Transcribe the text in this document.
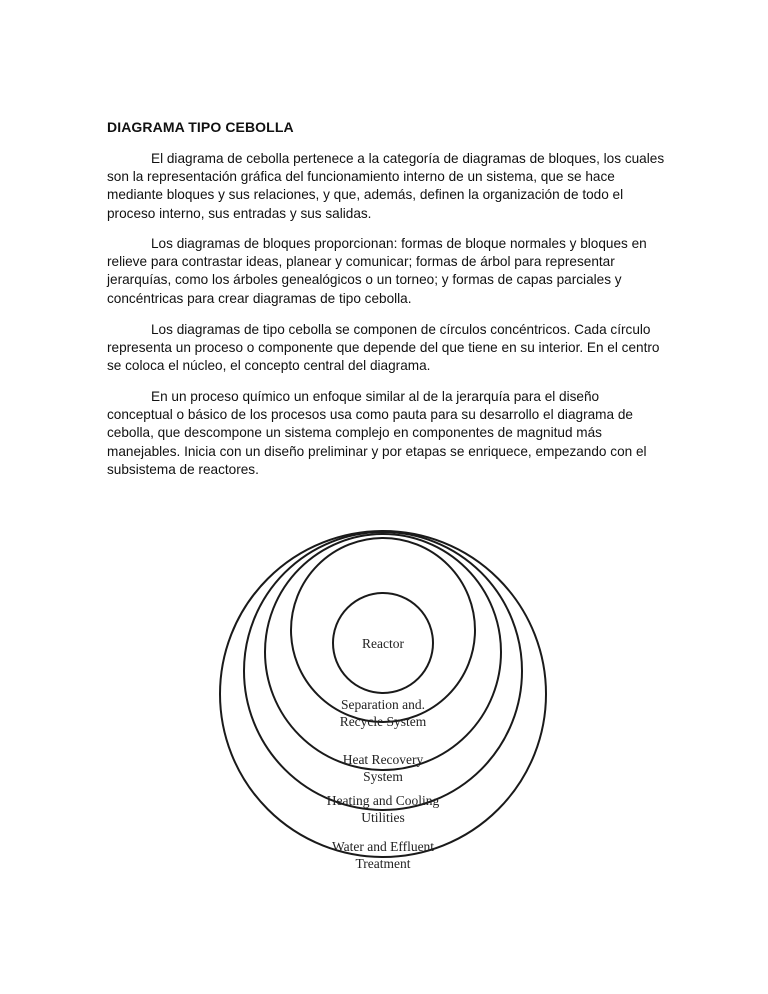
DIAGRAMA TIPO CEBOLLA

El diagrama de cebolla pertenece a la categoría de diagramas de bloques, los cuales son la representación gráfica del funcionamiento interno de un sistema, que se hace mediante bloques y sus relaciones, y que, además, definen la organización de todo el proceso interno, sus entradas y sus salidas.

Los diagramas de bloques proporcionan: formas de bloque normales y bloques en relieve para contrastar ideas, planear y comunicar; formas de árbol para representar jerarquías, como los árboles genealógicos o un torneo; y formas de capas parciales y concéntricas para crear diagramas de tipo cebolla.

Los diagramas de tipo cebolla se componen de círculos concéntricos. Cada círculo representa un proceso o componente que depende del que tiene en su interior. En el centro se coloca el núcleo, el concepto central del diagrama.

En un proceso químico un enfoque similar al de la jerarquía para el diseño conceptual o básico de los procesos usa como pauta para su desarrollo el diagrama de cebolla, que descompone un sistema complejo en componentes de magnitud más manejables. Inicia con un diseño preliminar y por etapas se enriquece, empezando con el subsistema de reactores.

Reactor
Separation and.
Recycle System
Heat Recovery
System
Heating and Cooling
Utilities
Water and Effluent
Treatment
